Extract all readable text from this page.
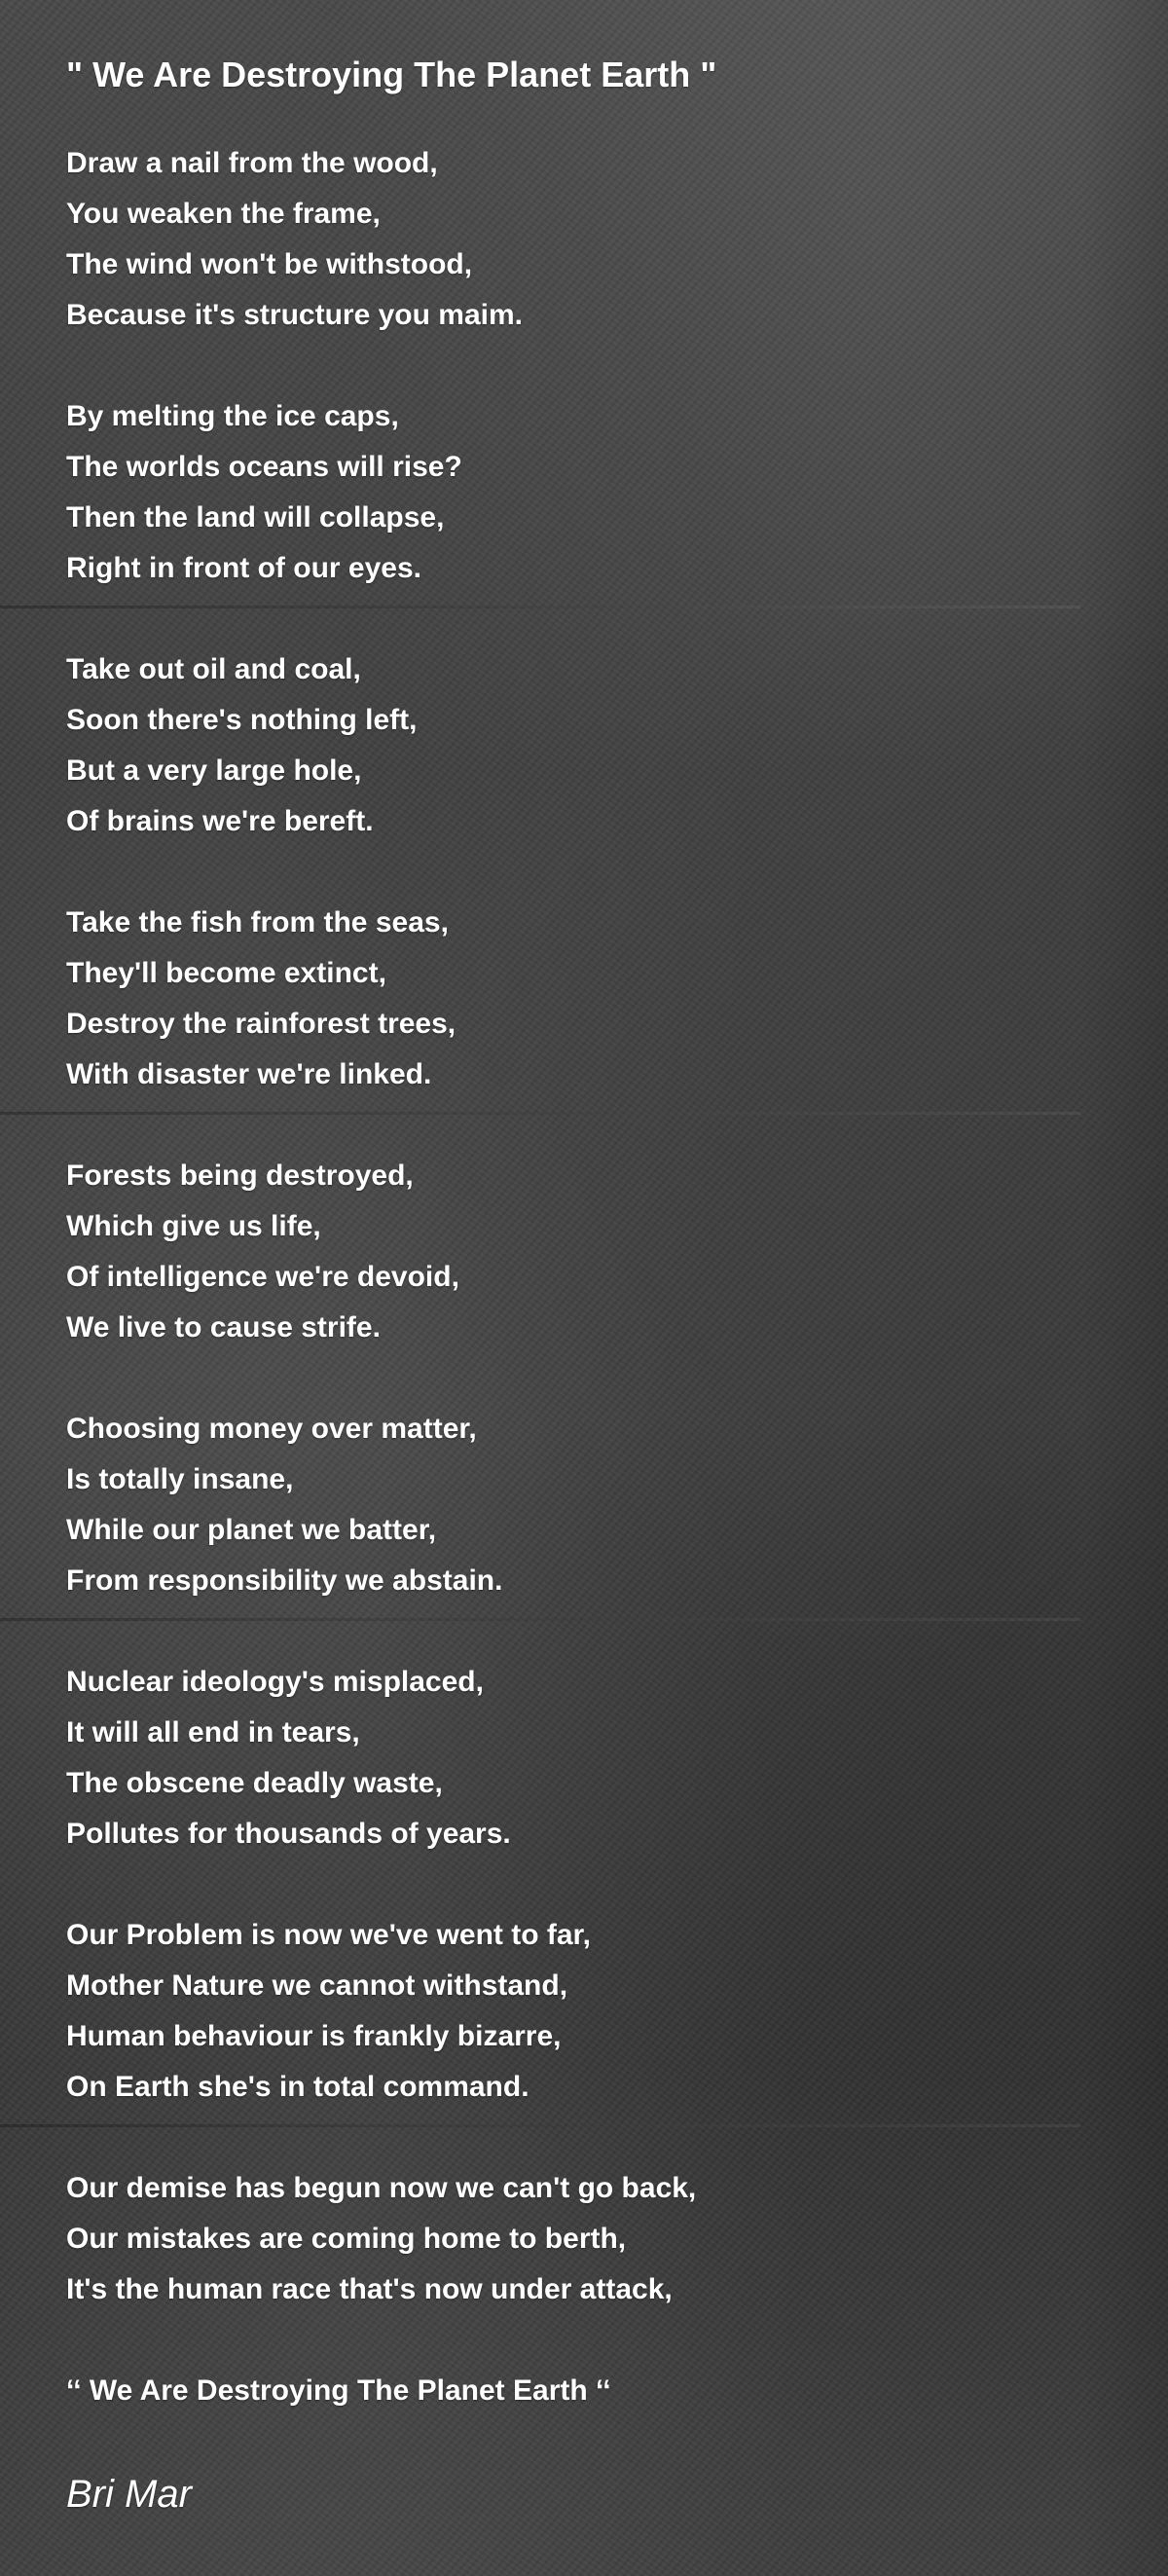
" We Are Destroying The Planet Earth "
Draw a nail from the wood,
You weaken the frame,
The wind won't be withstood,
Because it's structure you maim.
By melting the ice caps,
The worlds oceans will rise?
Then the land will collapse,
Right in front of our eyes.
Take out oil and coal,
Soon there's nothing left,
But a very large hole,
Of brains we're bereft.
Take the fish from the seas,
They'll become extinct,
Destroy the rainforest trees,
With disaster we're linked.
Forests being destroyed,
Which give us life,
Of intelligence we're devoid,
We live to cause strife.
Choosing money over matter,
Is totally insane,
While our planet we batter,
From responsibility we abstain.
Nuclear ideology's misplaced,
It will all end in tears,
The obscene deadly waste,
Pollutes for thousands of years.
Our Problem is now we've went to far,
Mother Nature we cannot withstand,
Human behaviour is frankly bizarre,
On Earth she's in total command.
Our demise has begun now we can't go back,
Our mistakes are coming home to berth,
It's the human race that's now under attack,
‘‘ We Are Destroying The Planet Earth ‘‘
Bri Mar
